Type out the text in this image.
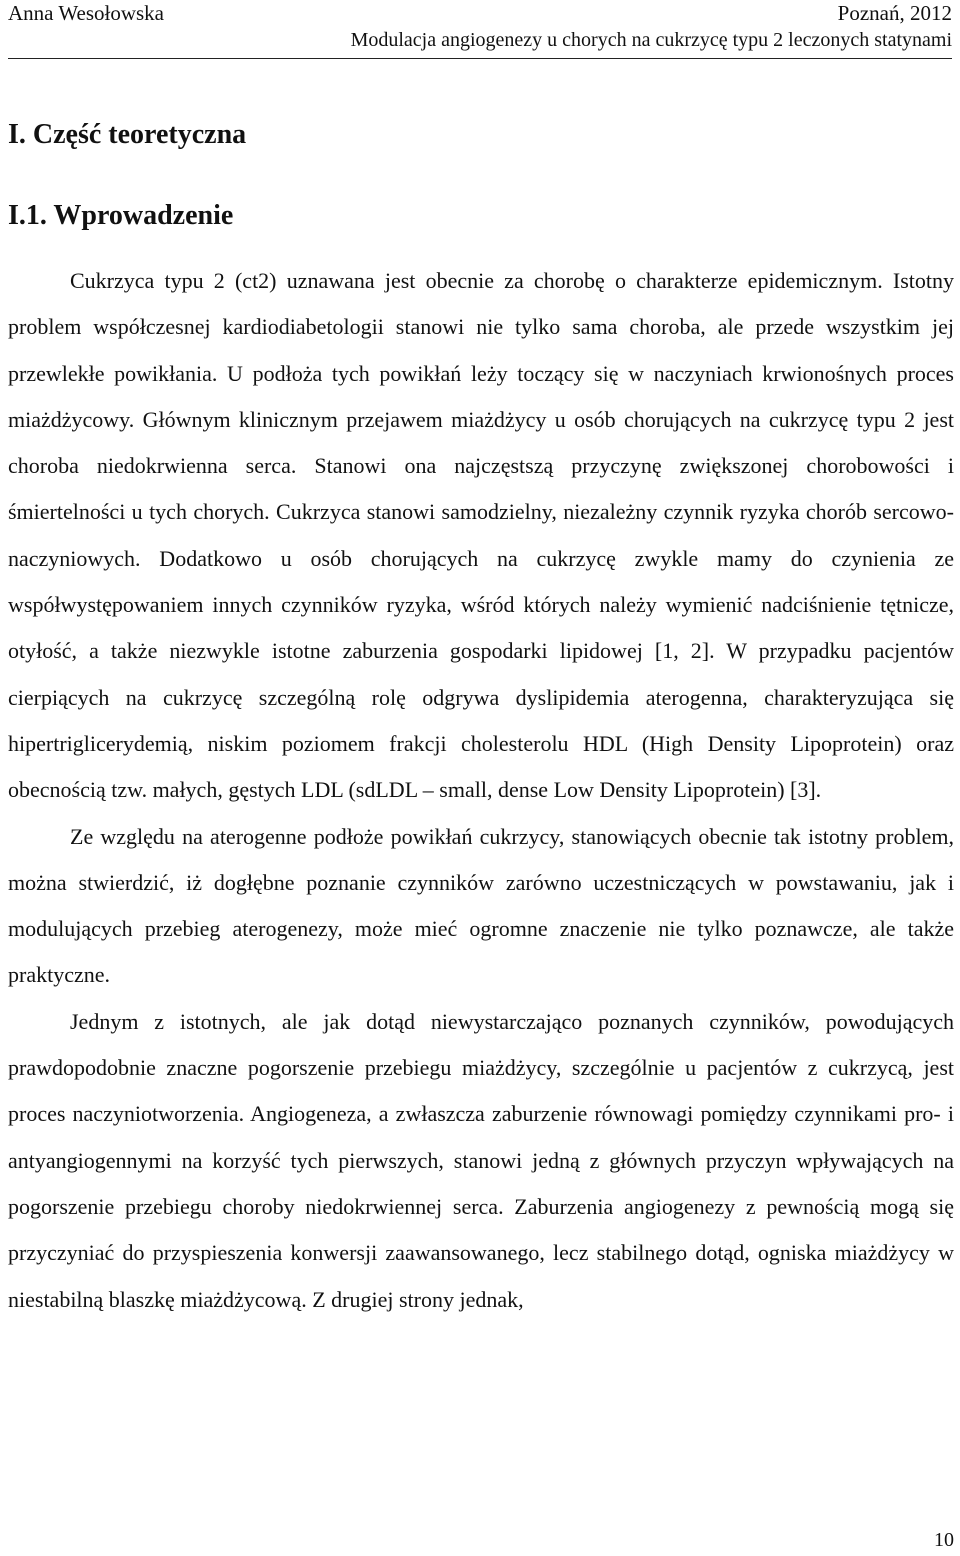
Anna Wesołowska	Poznań, 2012
Modulacja angiogenezy u chorych na cukrzycę typu 2 leczonych statynami
I. Część teoretyczna
I.1. Wprowadzenie

Cukrzyca typu 2 (ct2) uznawana jest obecnie za chorobę o charakterze epidemicznym. Istotny problem współczesnej kardiodiabetologii stanowi nie tylko sama choroba, ale przede wszystkim jej przewlekłe powikłania. U podłoża tych powikłań leży toczący się w naczyniach krwionośnych proces miażdżycowy. Głównym klinicznym przejawem miażdżycy u osób chorujących na cukrzycę typu 2 jest choroba niedokrwienna serca. Stanowi ona najczęstszą przyczynę zwiększonej chorobowości i śmiertelności u tych chorych. Cukrzyca stanowi samodzielny, niezależny czynnik ryzyka chorób sercowo-naczyniowych. Dodatkowo u osób chorujących na cukrzycę zwykle mamy do czynienia ze współwystępowaniem innych czynników ryzyka, wśród których należy wymienić nadciśnienie tętnicze, otyłość, a także niezwykle istotne zaburzenia gospodarki lipidowej [1, 2]. W przypadku pacjentów cierpiących na cukrzycę szczególną rolę odgrywa dyslipidemia aterogenna, charakteryzująca się hipertriglicerydemią, niskim poziomem frakcji cholesterolu HDL (High Density Lipoprotein) oraz obecnością tzw. małych, gęstych LDL (sdLDL – small, dense Low Density Lipoprotein) [3].

Ze względu na aterogenne podłoże powikłań cukrzycy, stanowiących obecnie tak istotny problem, można stwierdzić, iż dogłębne poznanie czynników zarówno uczestniczących w powstawaniu, jak i modulujących przebieg aterogenezy, może mieć ogromne znaczenie nie tylko poznawcze, ale także praktyczne.

Jednym z istotnych, ale jak dotąd niewystarczająco poznanych czynników, powodujących prawdopodobnie znaczne pogorszenie przebiegu miażdżycy, szczególnie u pacjentów z cukrzycą, jest proces naczyniotworzenia. Angiogeneza, a zwłaszcza zaburzenie równowagi pomiędzy czynnikami pro- i antyangiogennymi na korzyść tych pierwszych, stanowi jedną z głównych przyczyn wpływających na pogorszenie przebiegu choroby niedokrwiennej serca. Zaburzenia angiogenezy z pewnością mogą się przyczyniać do przyspieszenia konwersji zaawansowanego, lecz stabilnego dotąd, ogniska miażdżycy w niestabilną blaszkę miażdżycową. Z drugiej strony jednak,

10
